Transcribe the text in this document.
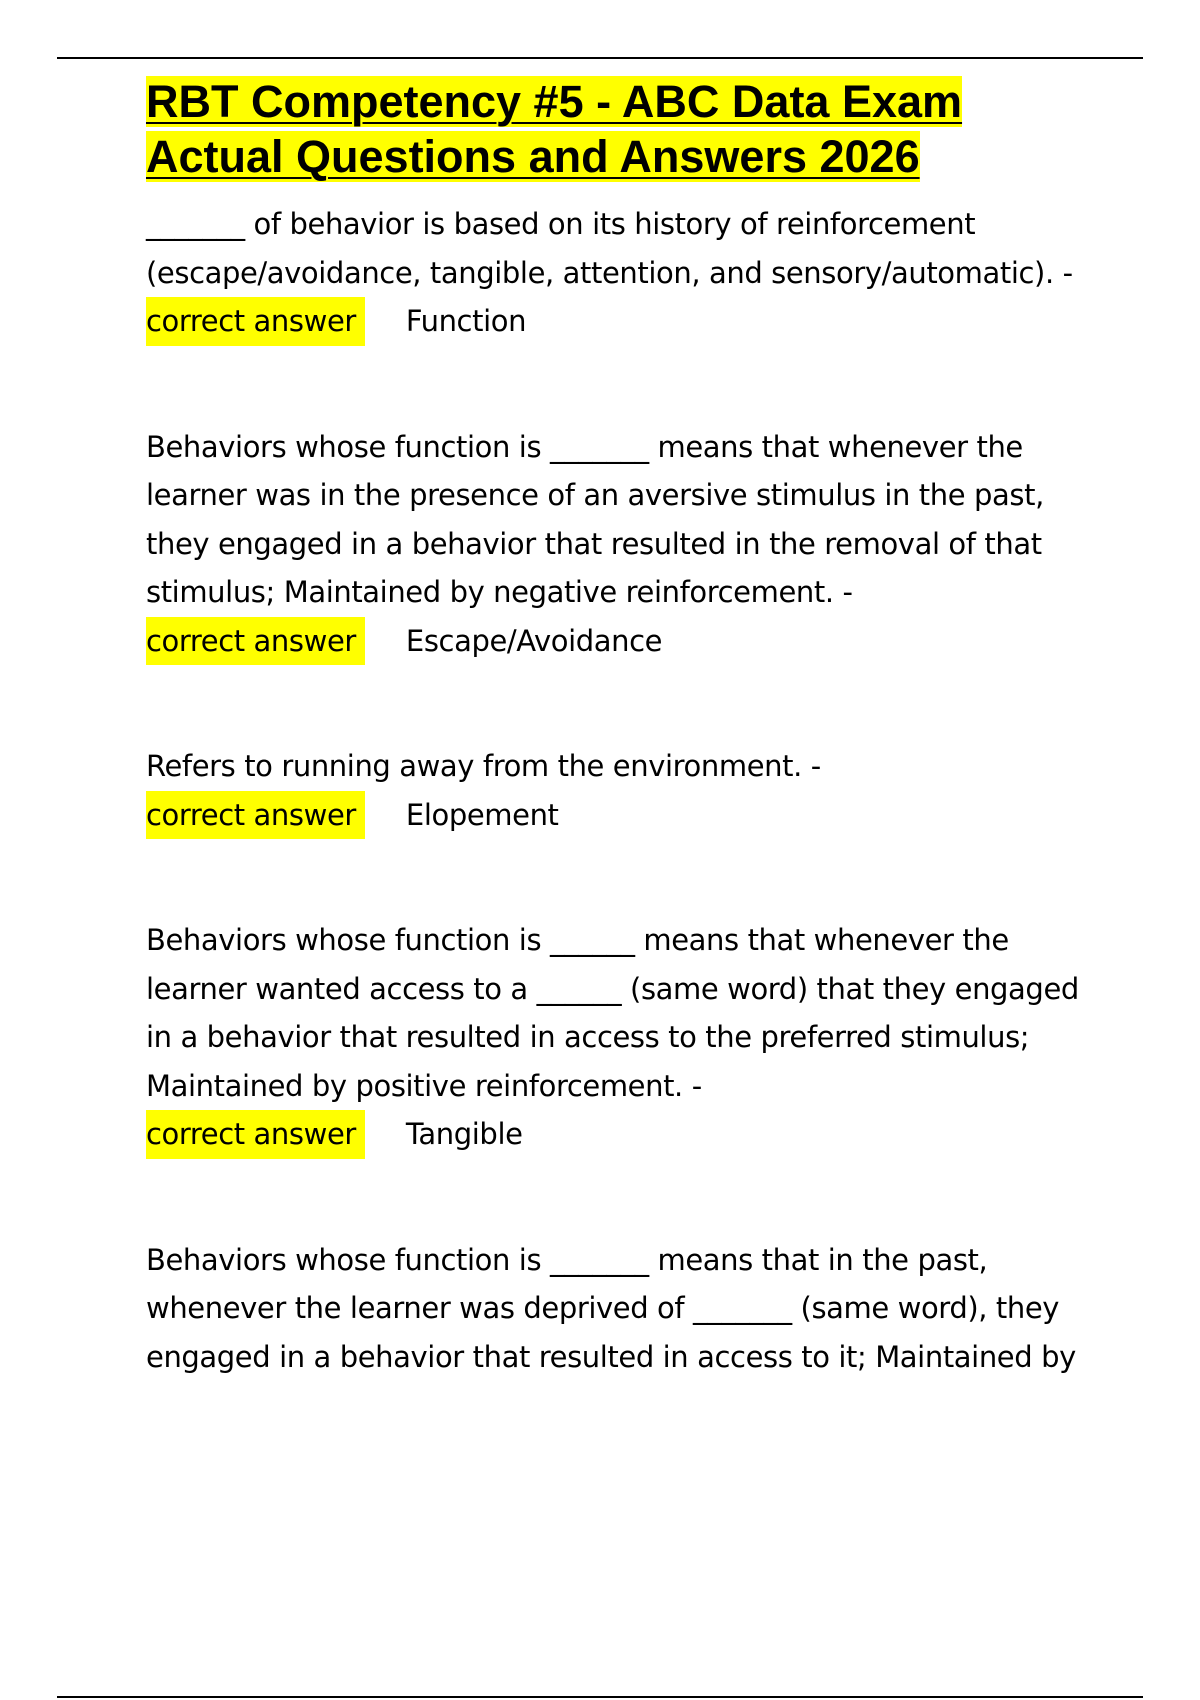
RBT Competency #5 - ABC Data Exam
Actual Questions and Answers 2026

_______ of behavior is based on its history of reinforcement (escape/avoidance, tangible, attention, and sensory/automatic). -

correct answer	Function

Behaviors whose function is _______ means that whenever the learner was in the presence of an aversive stimulus in the past, they engaged in a behavior that resulted in the removal of that stimulus; Maintained by negative reinforcement. -

correct answer	Escape/Avoidance

Refers to running away from the environment. -

correct answer	Elopement

Behaviors whose function is ______ means that whenever the learner wanted access to a ______ (same word) that they engaged in a behavior that resulted in access to the preferred stimulus; Maintained by positive reinforcement. -

correct answer	Tangible

Behaviors whose function is _______ means that in the past, whenever the learner was deprived of _______ (same word), they engaged in a behavior that resulted in access to it; Maintained by
